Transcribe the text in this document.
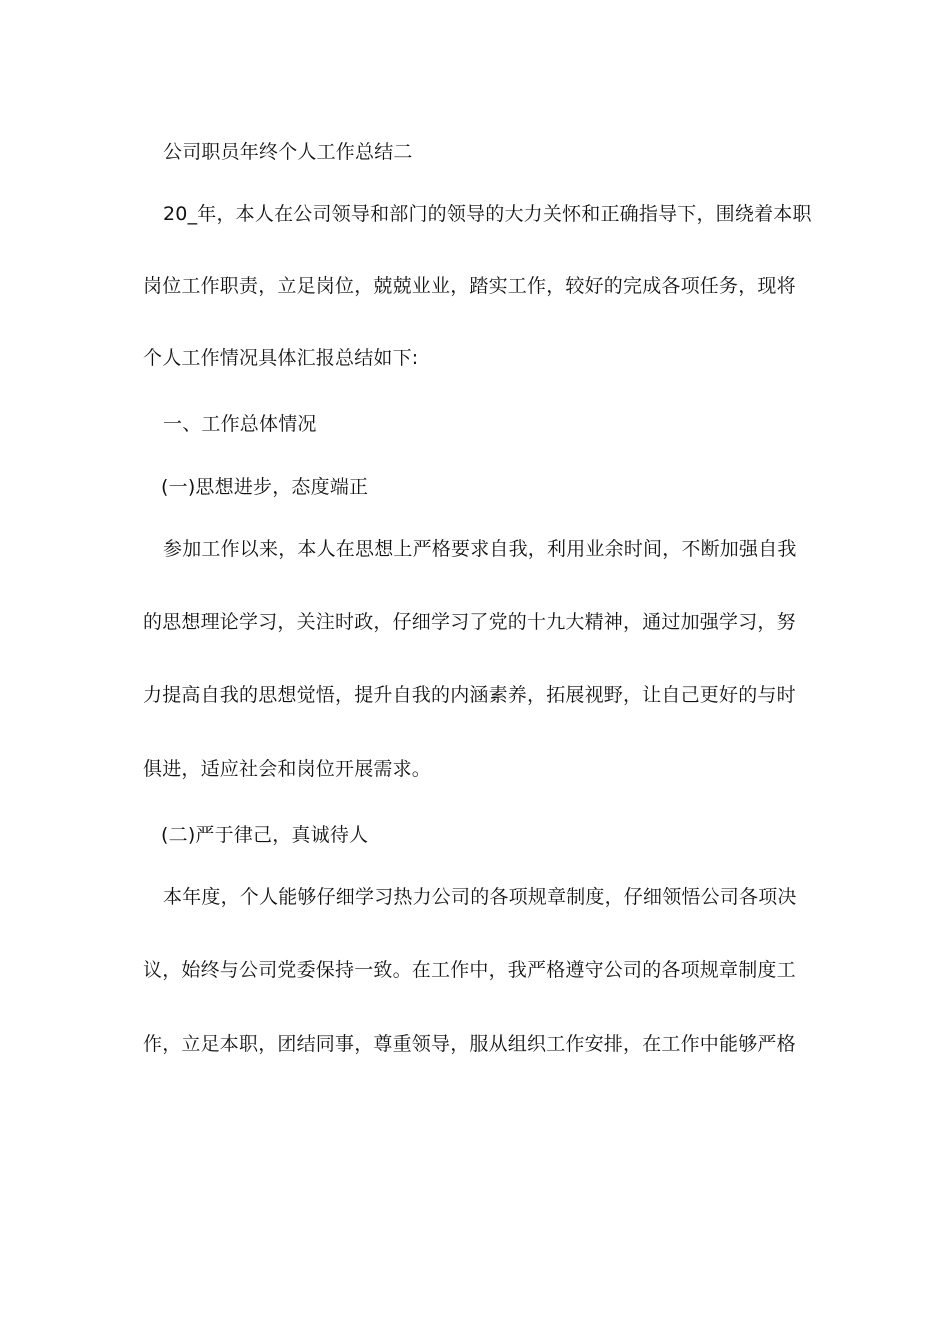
公司职员年终个人工作总结二
20_年，本人在公司领导和部门的领导的大力关怀和正确指导下，围绕着本职
岗位工作职责，立足岗位，兢兢业业，踏实工作，较好的完成各项任务，现将
个人工作情况具体汇报总结如下:
一、工作总体情况
(一)思想进步，态度端正
参加工作以来，本人在思想上严格要求自我，利用业余时间，不断加强自我
的思想理论学习，关注时政，仔细学习了党的十九大精神，通过加强学习，努
力提高自我的思想觉悟，提升自我的内涵素养，拓展视野，让自己更好的与时
俱进，适应社会和岗位开展需求。
(二)严于律己，真诚待人
本年度，个人能够仔细学习热力公司的各项规章制度，仔细领悟公司各项决
议，始终与公司党委保持一致。在工作中，我严格遵守公司的各项规章制度工
作，立足本职，团结同事，尊重领导，服从组织工作安排，在工作中能够严格
